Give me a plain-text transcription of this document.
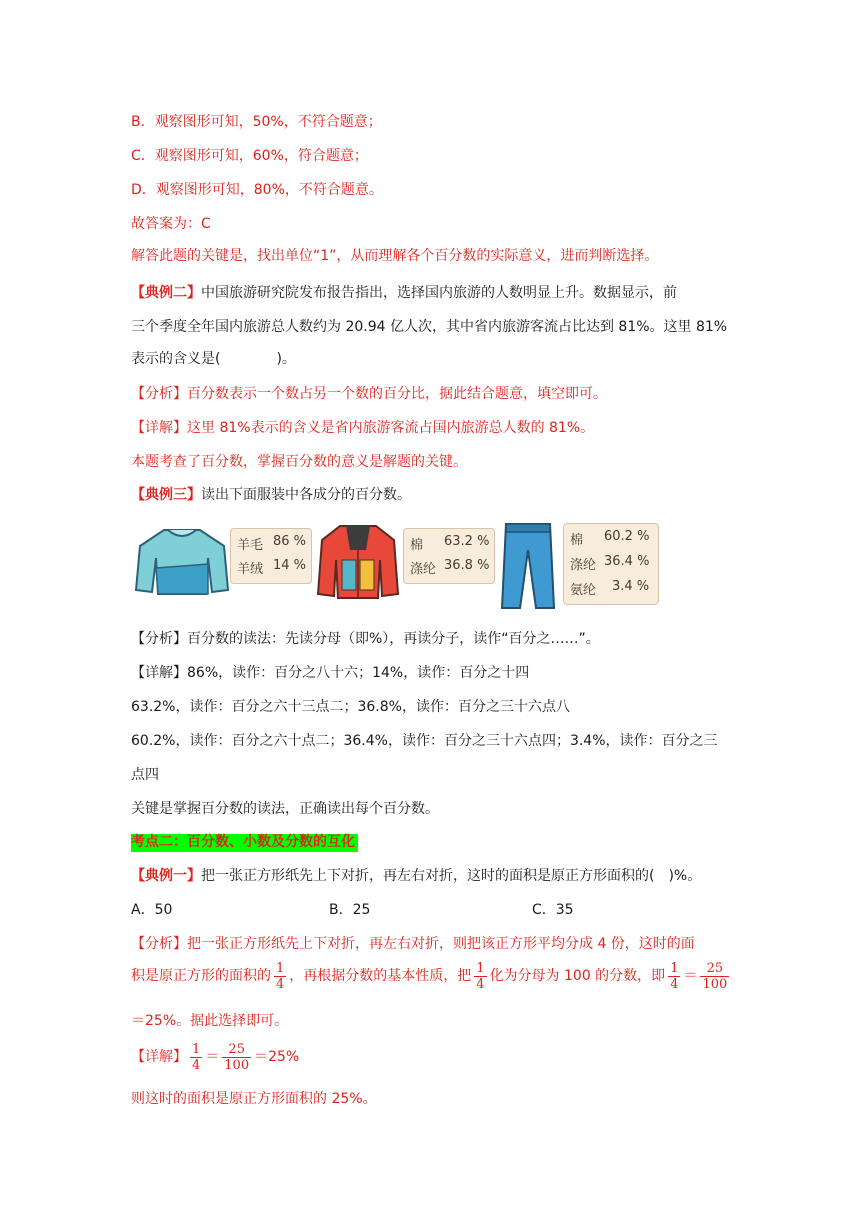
B．观察图形可知，50%，不符合题意；
C．观察图形可知，60%，符合题意；
D．观察图形可知，80%，不符合题意。
故答案为：C
解答此题的关键是，找出单位“1”，从而理解各个百分数的实际意义，进而判断选择。
【典例二】中国旅游研究院发布报告指出，选择国内旅游的人数明显上升。数据显示，前
三个季度全年国内旅游总人数约为 20.94 亿人次，其中省内旅游客流占比达到 81%。这里 81%
表示的含义是(　　　　)。
【分析】百分数表示一个数占另一个数的百分比，据此结合题意，填空即可。
【详解】这里 81%表示的含义是省内旅游客流占国内旅游总人数的 81%。
本题考查了百分数，掌握百分数的意义是解题的关键。
【典例三】读出下面服装中各成分的百分数。
羊毛 86 %
羊绒 14 %
棉 63.2 %
涤纶 36.8 %
棉 60.2 %
涤纶 36.4 %
氨纶 3.4 %
【分析】百分数的读法：先读分母（即%），再读分子，读作“百分之……”。
【详解】86%，读作：百分之八十六；14%，读作：百分之十四
63.2%，读作：百分之六十三点二；36.8%，读作：百分之三十六点八
60.2%，读作：百分之六十点二；36.4%，读作：百分之三十六点四；3.4%，读作：百分之三
点四
关键是掌握百分数的读法，正确读出每个百分数。
考点二：百分数、小数及分数的互化
【典例一】把一张正方形纸先上下对折，再左右对折，这时的面积是原正方形面积的(　)%。
A．50	B．25	C．35
【分析】把一张正方形纸先上下对折，再左右对折，则把该正方形平均分成 4 份，这时的面
积是原正方形的面积的 $\frac{1}{4}$ ，再根据分数的基本性质，把 $\frac{1}{4}$ 化为分母为 100 的分数，即 $\frac{1}{4} = \frac{25}{100}$
＝25%。据此选择即可。
【详解】 $\frac{1}{4} = \frac{25}{100} =25\%$
则这时的面积是原正方形面积的 25%。
